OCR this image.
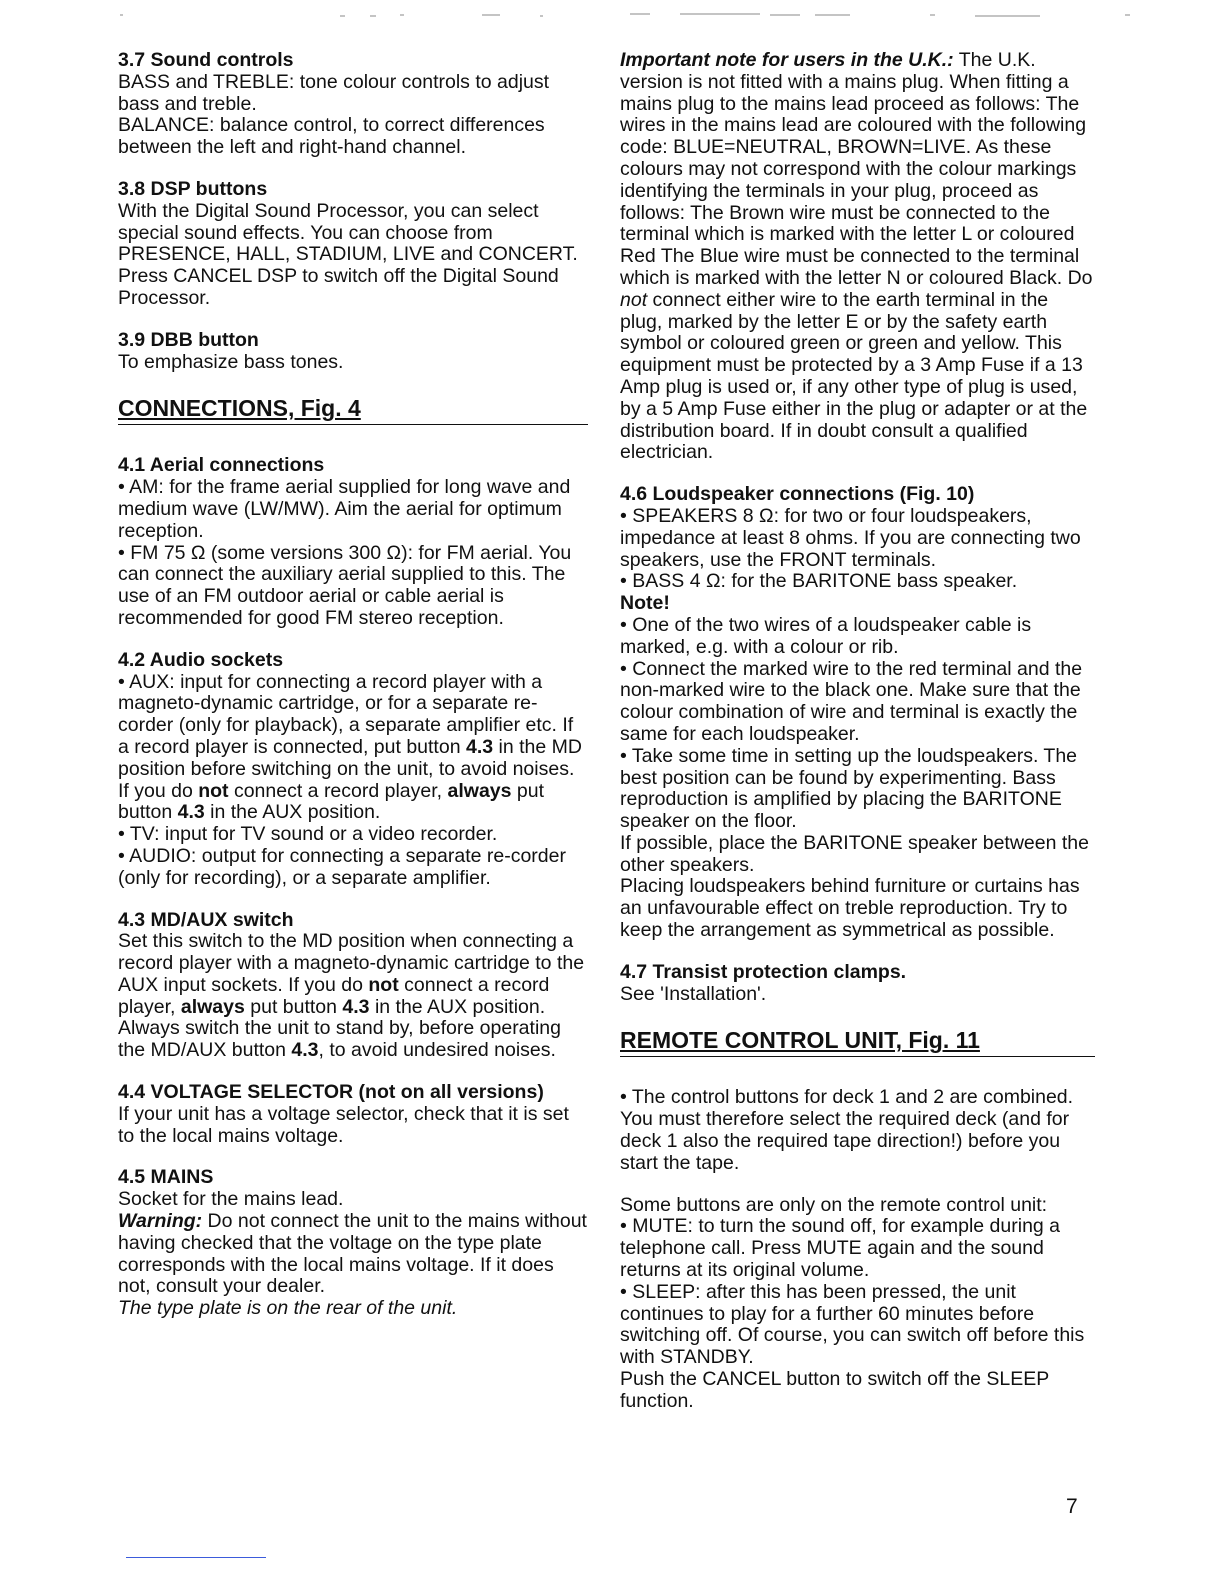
3.7 Sound controls

BASS and TREBLE: tone colour controls to adjust bass and treble.

BALANCE: balance control, to correct differences between the left and right-hand channel.

3.8 DSP buttons

With the Digital Sound Processor, you can select special sound effects. You can choose from PRESENCE, HALL, STADIUM, LIVE and CONCERT.

Press CANCEL DSP to switch off the Digital Sound Processor.

3.9 DBB button

To emphasize bass tones.

CONNECTIONS, Fig. 4

4.1 Aerial connections

• AM: for the frame aerial supplied for long wave and medium wave (LW/MW). Aim the aerial for optimum reception.

• FM 75 Ω (some versions 300 Ω): for FM aerial. You can connect the auxiliary aerial supplied to this. The use of an FM outdoor aerial or cable aerial is recommended for good FM stereo reception.

4.2 Audio sockets

• AUX: input for connecting a record player with a magneto-dynamic cartridge, or for a separate re-corder (only for playback), a separate amplifier etc. If a record player is connected, put button 4.3 in the MD position before switching on the unit, to avoid noises. If you do not connect a record player, always put button 4.3 in the AUX position.

• TV: input for TV sound or a video recorder.

• AUDIO: output for connecting a separate re-corder (only for recording), or a separate amplifier.

4.3 MD/AUX switch

Set this switch to the MD position when connecting a record player with a magneto-dynamic cartridge to the AUX input sockets. If you do not connect a record player, always put button 4.3 in the AUX position.

Always switch the unit to stand by, before operating the MD/AUX button 4.3, to avoid undesired noises.

4.4 VOLTAGE SELECTOR (not on all versions)

If your unit has a voltage selector, check that it is set to the local mains voltage.

4.5 MAINS

Socket for the mains lead.

Warning: Do not connect the unit to the mains without having checked that the voltage on the type plate corresponds with the local mains voltage. If it does not, consult your dealer.

The type plate is on the rear of the unit.

Important note for users in the U.K.: The U.K. version is not fitted with a mains plug. When fitting a mains plug to the mains lead proceed as follows: The wires in the mains lead are coloured with the following code: BLUE=NEUTRAL, BROWN=LIVE. As these colours may not correspond with the colour markings identifying the terminals in your plug, proceed as follows: The Brown wire must be connected to the terminal which is marked with the letter L or coloured Red The Blue wire must be connected to the terminal which is marked with the letter N or coloured Black. Do not connect either wire to the earth terminal in the plug, marked by the letter E or by the safety earth symbol or coloured green or green and yellow. This equipment must be protected by a 3 Amp Fuse if a 13 Amp plug is used or, if any other type of plug is used, by a 5 Amp Fuse either in the plug or adapter or at the distribution board. If in doubt consult a qualified electrician.

4.6 Loudspeaker connections (Fig. 10)

• SPEAKERS 8 Ω: for two or four loudspeakers, impedance at least 8 ohms. If you are connecting two speakers, use the FRONT terminals.

• BASS 4 Ω: for the BARITONE bass speaker.

Note!

• One of the two wires of a loudspeaker cable is marked, e.g. with a colour or rib.

• Connect the marked wire to the red terminal and the non-marked wire to the black one. Make sure that the colour combination of wire and terminal is exactly the same for each loudspeaker.

• Take some time in setting up the loudspeakers. The best position can be found by experimenting. Bass reproduction is amplified by placing the BARITONE speaker on the floor.

If possible, place the BARITONE speaker between the other speakers.

Placing loudspeakers behind furniture or curtains has an unfavourable effect on treble reproduction. Try to keep the arrangement as symmetrical as possible.

4.7 Transist protection clamps.

See 'Installation'.

REMOTE CONTROL UNIT, Fig. 11

• The control buttons for deck 1 and 2 are combined. You must therefore select the required deck (and for deck 1 also the required tape direction!) before you start the tape.

Some buttons are only on the remote control unit:

• MUTE: to turn the sound off, for example during a telephone call. Press MUTE again and the sound returns at its original volume.

• SLEEP: after this has been pressed, the unit continues to play for a further 60 minutes before switching off. Of course, you can switch off before this with STANDBY.

Push the CANCEL button to switch off the SLEEP function.

7
